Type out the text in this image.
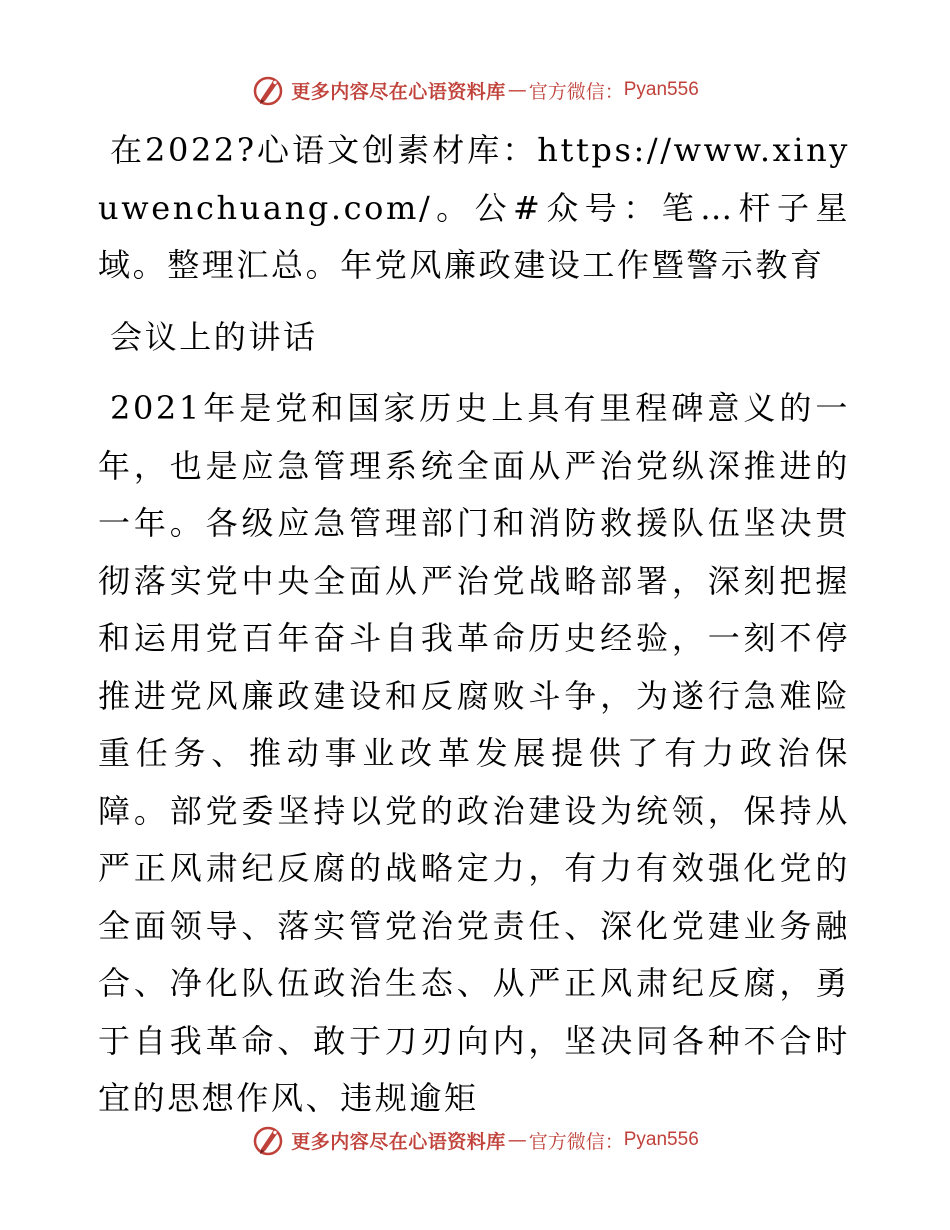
更多内容尽在心语资料库 — 官方微信： Pyan556

在2022?心语文创素材库：https://www.xinyuwenchuang.com/。公#众号：笔…杆子星域。整理汇总。年党风廉政建设工作暨警示教育

会议上的讲话

2021年是党和国家历史上具有里程碑意义的一年，也是应急管理系统全面从严治党纵深推进的一年。各级应急管理部门和消防救援队伍坚决贯彻落实党中央全面从严治党战略部署，深刻把握和运用党百年奋斗自我革命历史经验，一刻不停推进党风廉政建设和反腐败斗争，为遂行急难险重任务、推动事业改革发展提供了有力政治保障。部党委坚持以党的政治建设为统领，保持从严正风肃纪反腐的战略定力，有力有效强化党的全面领导、落实管党治党责任、深化党建业务融合、净化队伍政治生态、从严正风肃纪反腐，勇于自我革命、敢于刀刃向内，坚决同各种不合时宜的思想作风、违规逾矩

更多内容尽在心语资料库 — 官方微信： Pyan556
